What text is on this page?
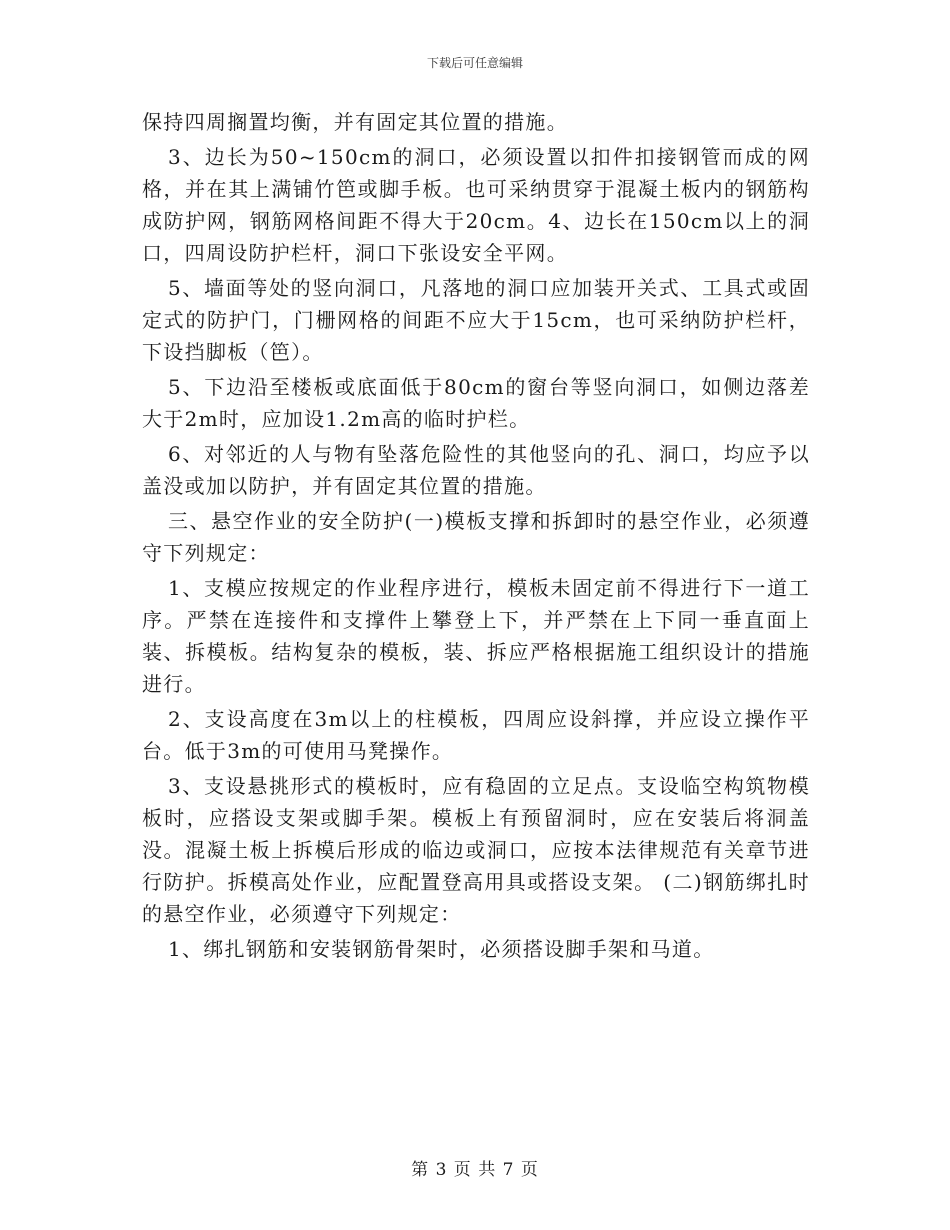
下载后可任意编辑

保持四周搁置均衡，并有固定其位置的措施。

3、边长为50~150cm的洞口，必须设置以扣件扣接钢管而成的网格，并在其上满铺竹笆或脚手板。也可采纳贯穿于混凝土板内的钢筋构成防护网，钢筋网格间距不得大于20cm。4、边长在150cm以上的洞口，四周设防护栏杆，洞口下张设安全平网。

5、墙面等处的竖向洞口，凡落地的洞口应加装开关式、工具式或固定式的防护门，门栅网格的间距不应大于15cm，也可采纳防护栏杆，下设挡脚板（笆）。

5、下边沿至楼板或底面低于80cm的窗台等竖向洞口，如侧边落差大于2m时，应加设1.2m高的临时护栏。

6、对邻近的人与物有坠落危险性的其他竖向的孔、洞口，均应予以盖没或加以防护，并有固定其位置的措施。

三、悬空作业的安全防护(一)模板支撑和拆卸时的悬空作业，必须遵守下列规定：

1、支模应按规定的作业程序进行，模板未固定前不得进行下一道工序。严禁在连接件和支撑件上攀登上下，并严禁在上下同一垂直面上装、拆模板。结构复杂的模板，装、拆应严格根据施工组织设计的措施进行。

2、支设高度在3m以上的柱模板，四周应设斜撑，并应设立操作平台。低于3m的可使用马凳操作。

3、支设悬挑形式的模板时，应有稳固的立足点。支设临空构筑物模板时，应搭设支架或脚手架。模板上有预留洞时，应在安装后将洞盖没。混凝土板上拆模后形成的临边或洞口，应按本法律规范有关章节进行防护。拆模高处作业，应配置登高用具或搭设支架。 (二)钢筋绑扎时的悬空作业，必须遵守下列规定：

1、绑扎钢筋和安装钢筋骨架时，必须搭设脚手架和马道。

第 3 页 共 7 页
